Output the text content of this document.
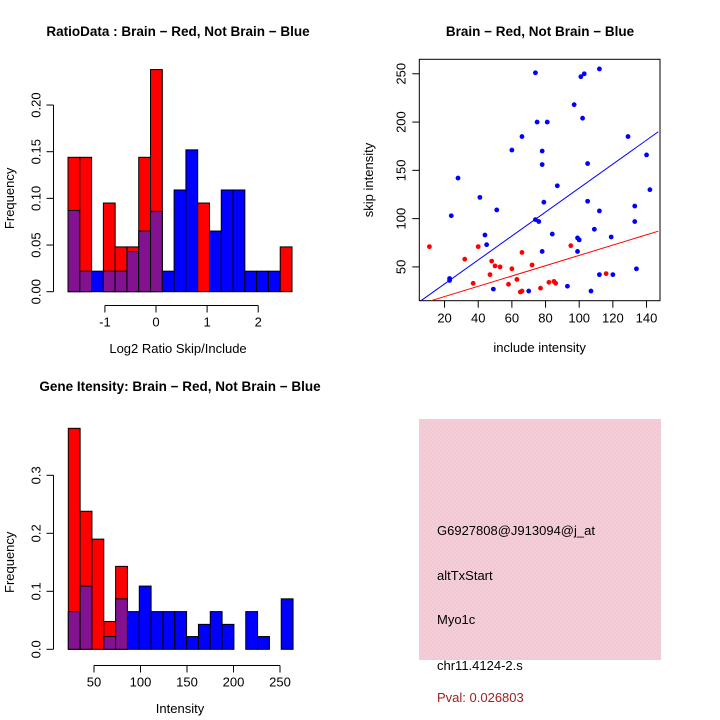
RatioData : Brain − Red, Not Brain − Blue
0.00
0.05
0.10
0.15
0.20
Frequency
-1	0	1	2
Log2 Ratio Skip/Include
Brain − Red, Not Brain − Blue
20 40 60 80 100 120 140
50
100
150
200
250
include intensity
skip intensity
Gene Itensity: Brain − Red, Not Brain − Blue
0.0
0.1
0.2
0.3
Frequency
50 100 150 200 250
Intensity
G6927808@J913094@j_at
altTxStart
Myo1c
chr11.4124-2.s
Pval: 0.026803
